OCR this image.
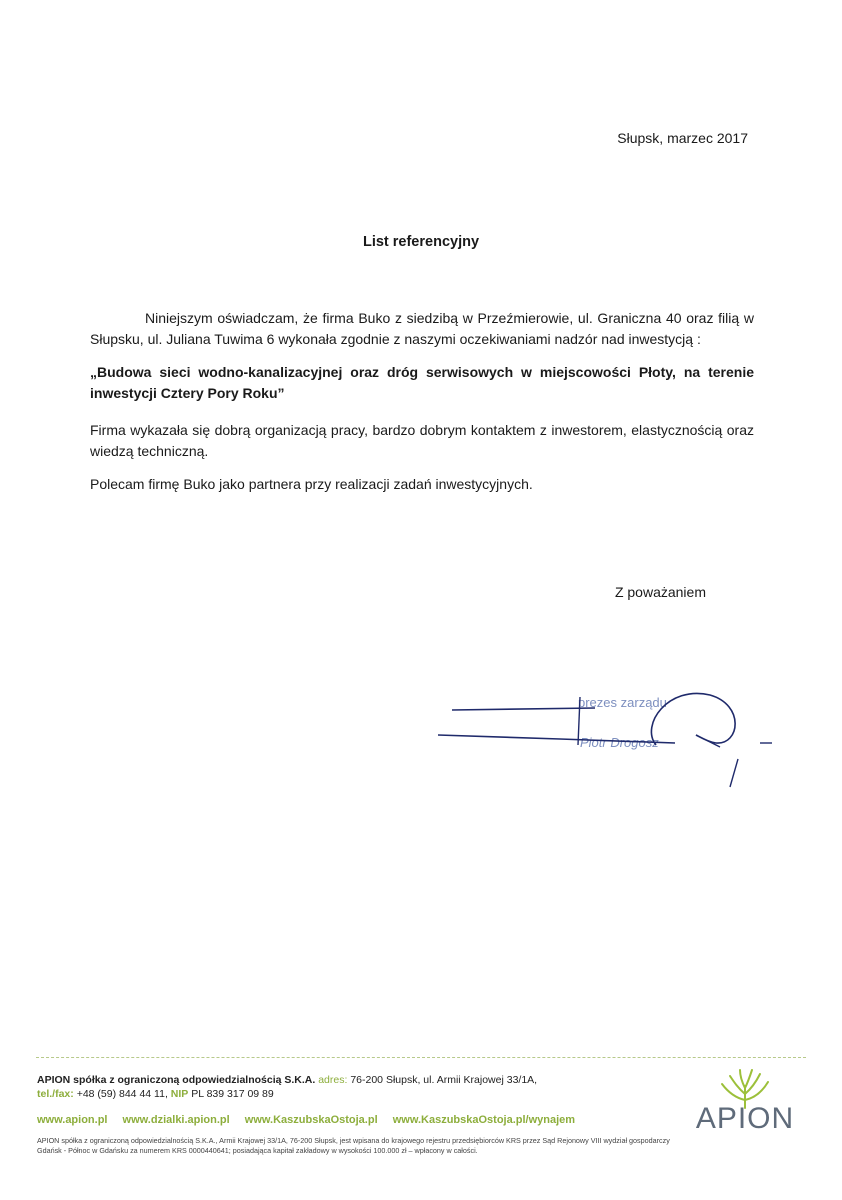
Słupsk, marzec 2017
List referencyjny
Niniejszym oświadczam, że firma Buko z siedzibą w Przeźmierowie, ul. Graniczna 40 oraz filią w Słupsku, ul. Juliana Tuwima 6 wykonała zgodnie z naszymi oczekiwaniami nadzór nad inwestycją :
„Budowa sieci wodno-kanalizacyjnej oraz dróg serwisowych w miejscowości Płoty, na terenie inwestycji Cztery Pory Roku”
Firma wykazała się dobrą organizacją pracy, bardzo dobrym kontaktem z inwestorem, elastycznością oraz wiedzą techniczną.
Polecam firmę Buko jako partnera przy realizacji zadań inwestycyjnych.
Z poważaniem
prezes zarządu
Piotr Drogosz
APION spółka z ograniczoną odpowiedzialnością S.K.A. adres: 76-200 Słupsk, ul. Armii Krajowej 33/1A,
tel./fax: +48 (59) 844 44 11, NIP PL 839 317 09 89
www.apion.pl www.dzialki.apion.pl www.KaszubskaOstoja.pl www.KaszubskaOstoja.pl/wynajem
APION spółka z ograniczoną odpowiedzialnością S.K.A., Armii Krajowej 33/1A, 76-200 Słupsk, jest wpisana do krajowego rejestru przedsiębiorców KRS przez Sąd Rejonowy VIII wydział gospodarczy Gdańsk - Północ w Gdańsku za numerem KRS 0000440641; posiadająca kapitał zakładowy w wysokości 100.000 zł – wpłacony w całości.
APION
